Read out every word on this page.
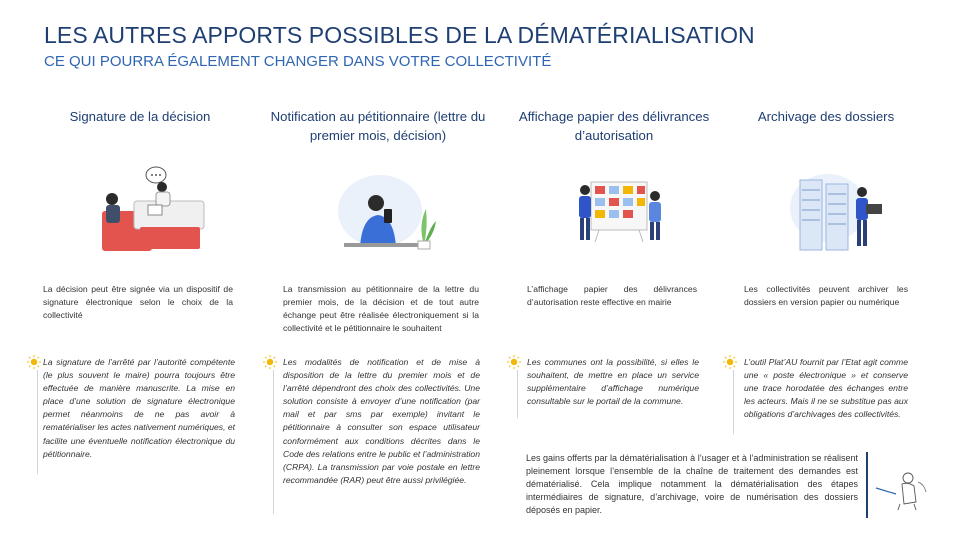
LES AUTRES APPORTS POSSIBLES DE LA DÉMATÉRIALISATION
CE QUI POURRA ÉGALEMENT CHANGER DANS VOTRE COLLECTIVITÉ
Signature de la décision	Notification au pétitionnaire (lettre du premier mois, décision)
Affichage papier des délivrances d’autorisation
Archivage des dossiers
La décision peut être signée via un dispositif de signature électronique selon le choix de la collectivité
La transmission au pétitionnaire de la lettre du premier mois, de la décision et de tout autre échange peut être réalisée électroniquement si la collectivité et le pétitionnaire le souhaitent
L’affichage papier des délivrances d’autorisation reste effective en mairie
Les collectivités peuvent archiver les dossiers en version papier ou numérique
La signature de l’arrêté par l’autorité compétente (le plus souvent le maire) pourra toujours être effectuée de manière manuscrite. La mise en place d’une solution de signature électronique permet néanmoins de ne pas avoir à rematérialiser les actes nativement numériques, et facilite une éventuelle notification électronique du pétitionnaire.
Les modalités de notification et de mise à disposition de la lettre du premier mois et de l’arrêté dépendront des choix des collectivités. Une solution consiste à envoyer d’une notification (par mail et par sms par exemple) invitant le pétitionnaire à consulter son espace utilisateur conformément aux conditions décrites dans le Code des relations entre le public et l’administration (CRPA). La transmission par voie postale en lettre recommandée (RAR) peut être aussi privilégiée.
Les communes ont la possibilité, si elles le souhaitent, de mettre en place un service supplémentaire d’affichage numérique consultable sur le portail de la commune.
L’outil Plat’AU fournit par l’Etat agit comme une « poste électronique » et conserve une trace horodatée des échanges entre les acteurs. Mais il ne se substitue pas aux obligations d’archivages des collectivités.
Les gains offerts par la dématérialisation à l’usager et à l’administration se réalisent pleinement lorsque l’ensemble de la chaîne de traitement des demandes est dématérialisé. Cela implique notamment la dématérialisation des étapes intermédiaires de signature, d’archivage, voire de numérisation des dossiers déposés en papier.
